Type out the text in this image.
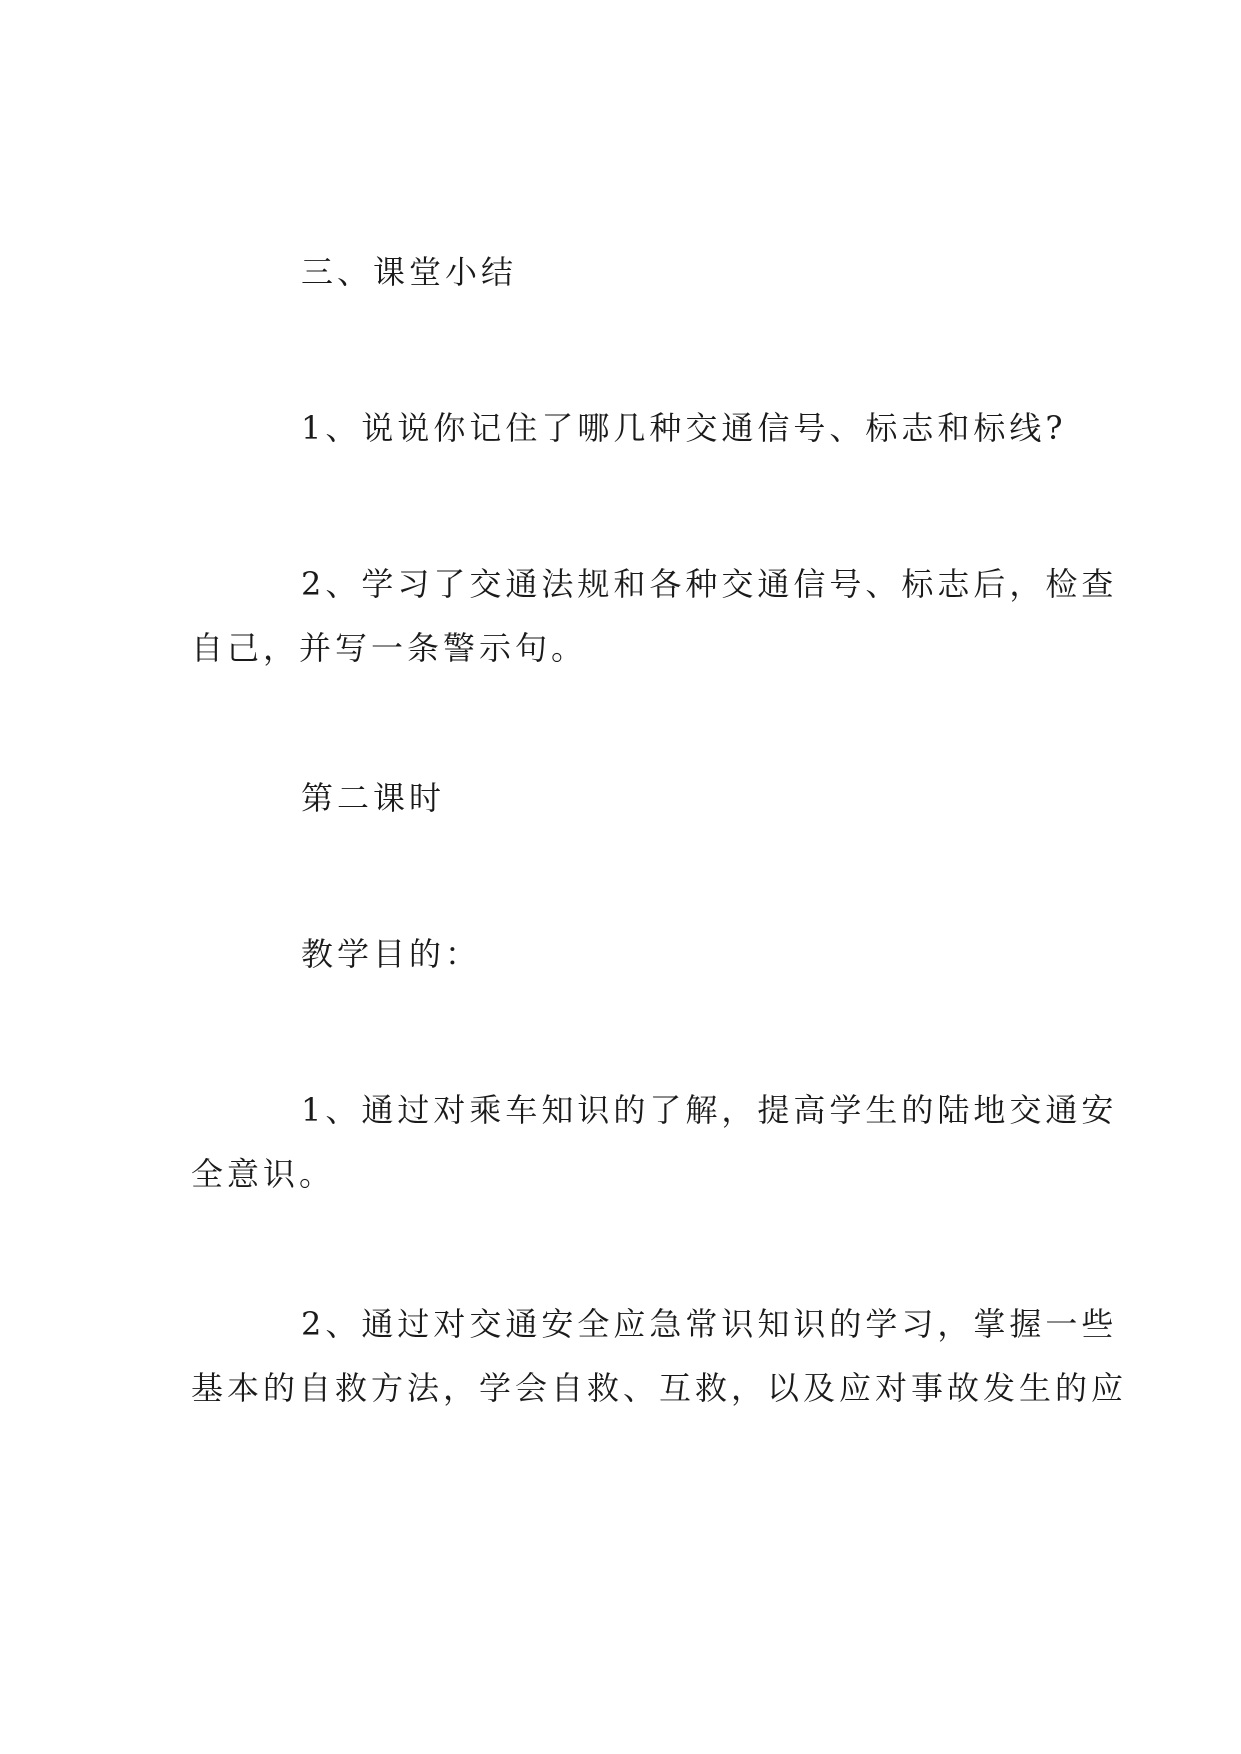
三、课堂小结

1、说说你记住了哪几种交通信号、标志和标线?

2、学习了交通法规和各种交通信号、标志后，检查
自己，并写一条警示句。

第二课时

教学目的：

1、通过对乘车知识的了解，提高学生的陆地交通安
全意识。

2、通过对交通安全应急常识知识的学习，掌握一些
基本的自救方法，学会自救、互救，以及应对事故发生的应
